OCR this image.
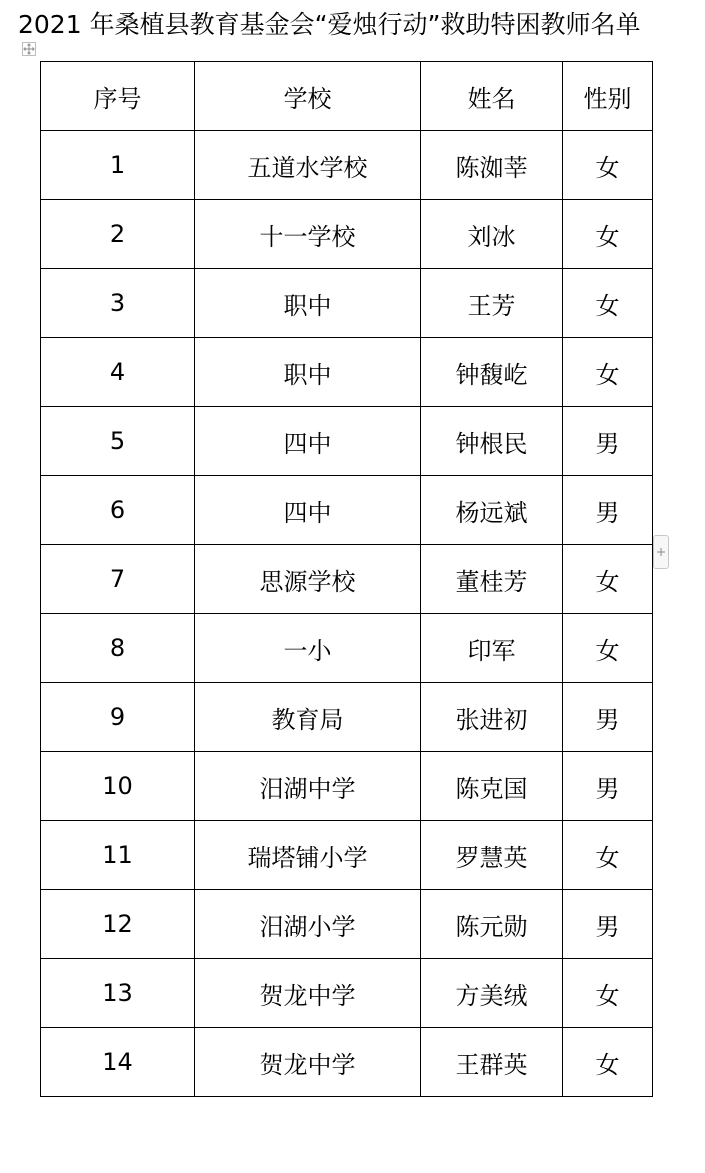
2021 年桑植县教育基金会“爱烛行动”救助特困教师名单
序号	学校	姓名	性别
1	五道水学校	陈洳莘	女
2	十一学校	刘冰	女
3	职中	王芳	女
4	职中	钟馥屹	女
5	四中	钟根民	男
6	四中	杨远斌	男
7	思源学校	董桂芳	女
8	一小	印军	女
9	教育局	张进初	男
10	汨湖中学	陈克国	男
11	瑞塔铺小学	罗慧英	女
12	汨湖小学	陈元勋	男
13	贺龙中学	方美绒	女
14	贺龙中学	王群英	女
